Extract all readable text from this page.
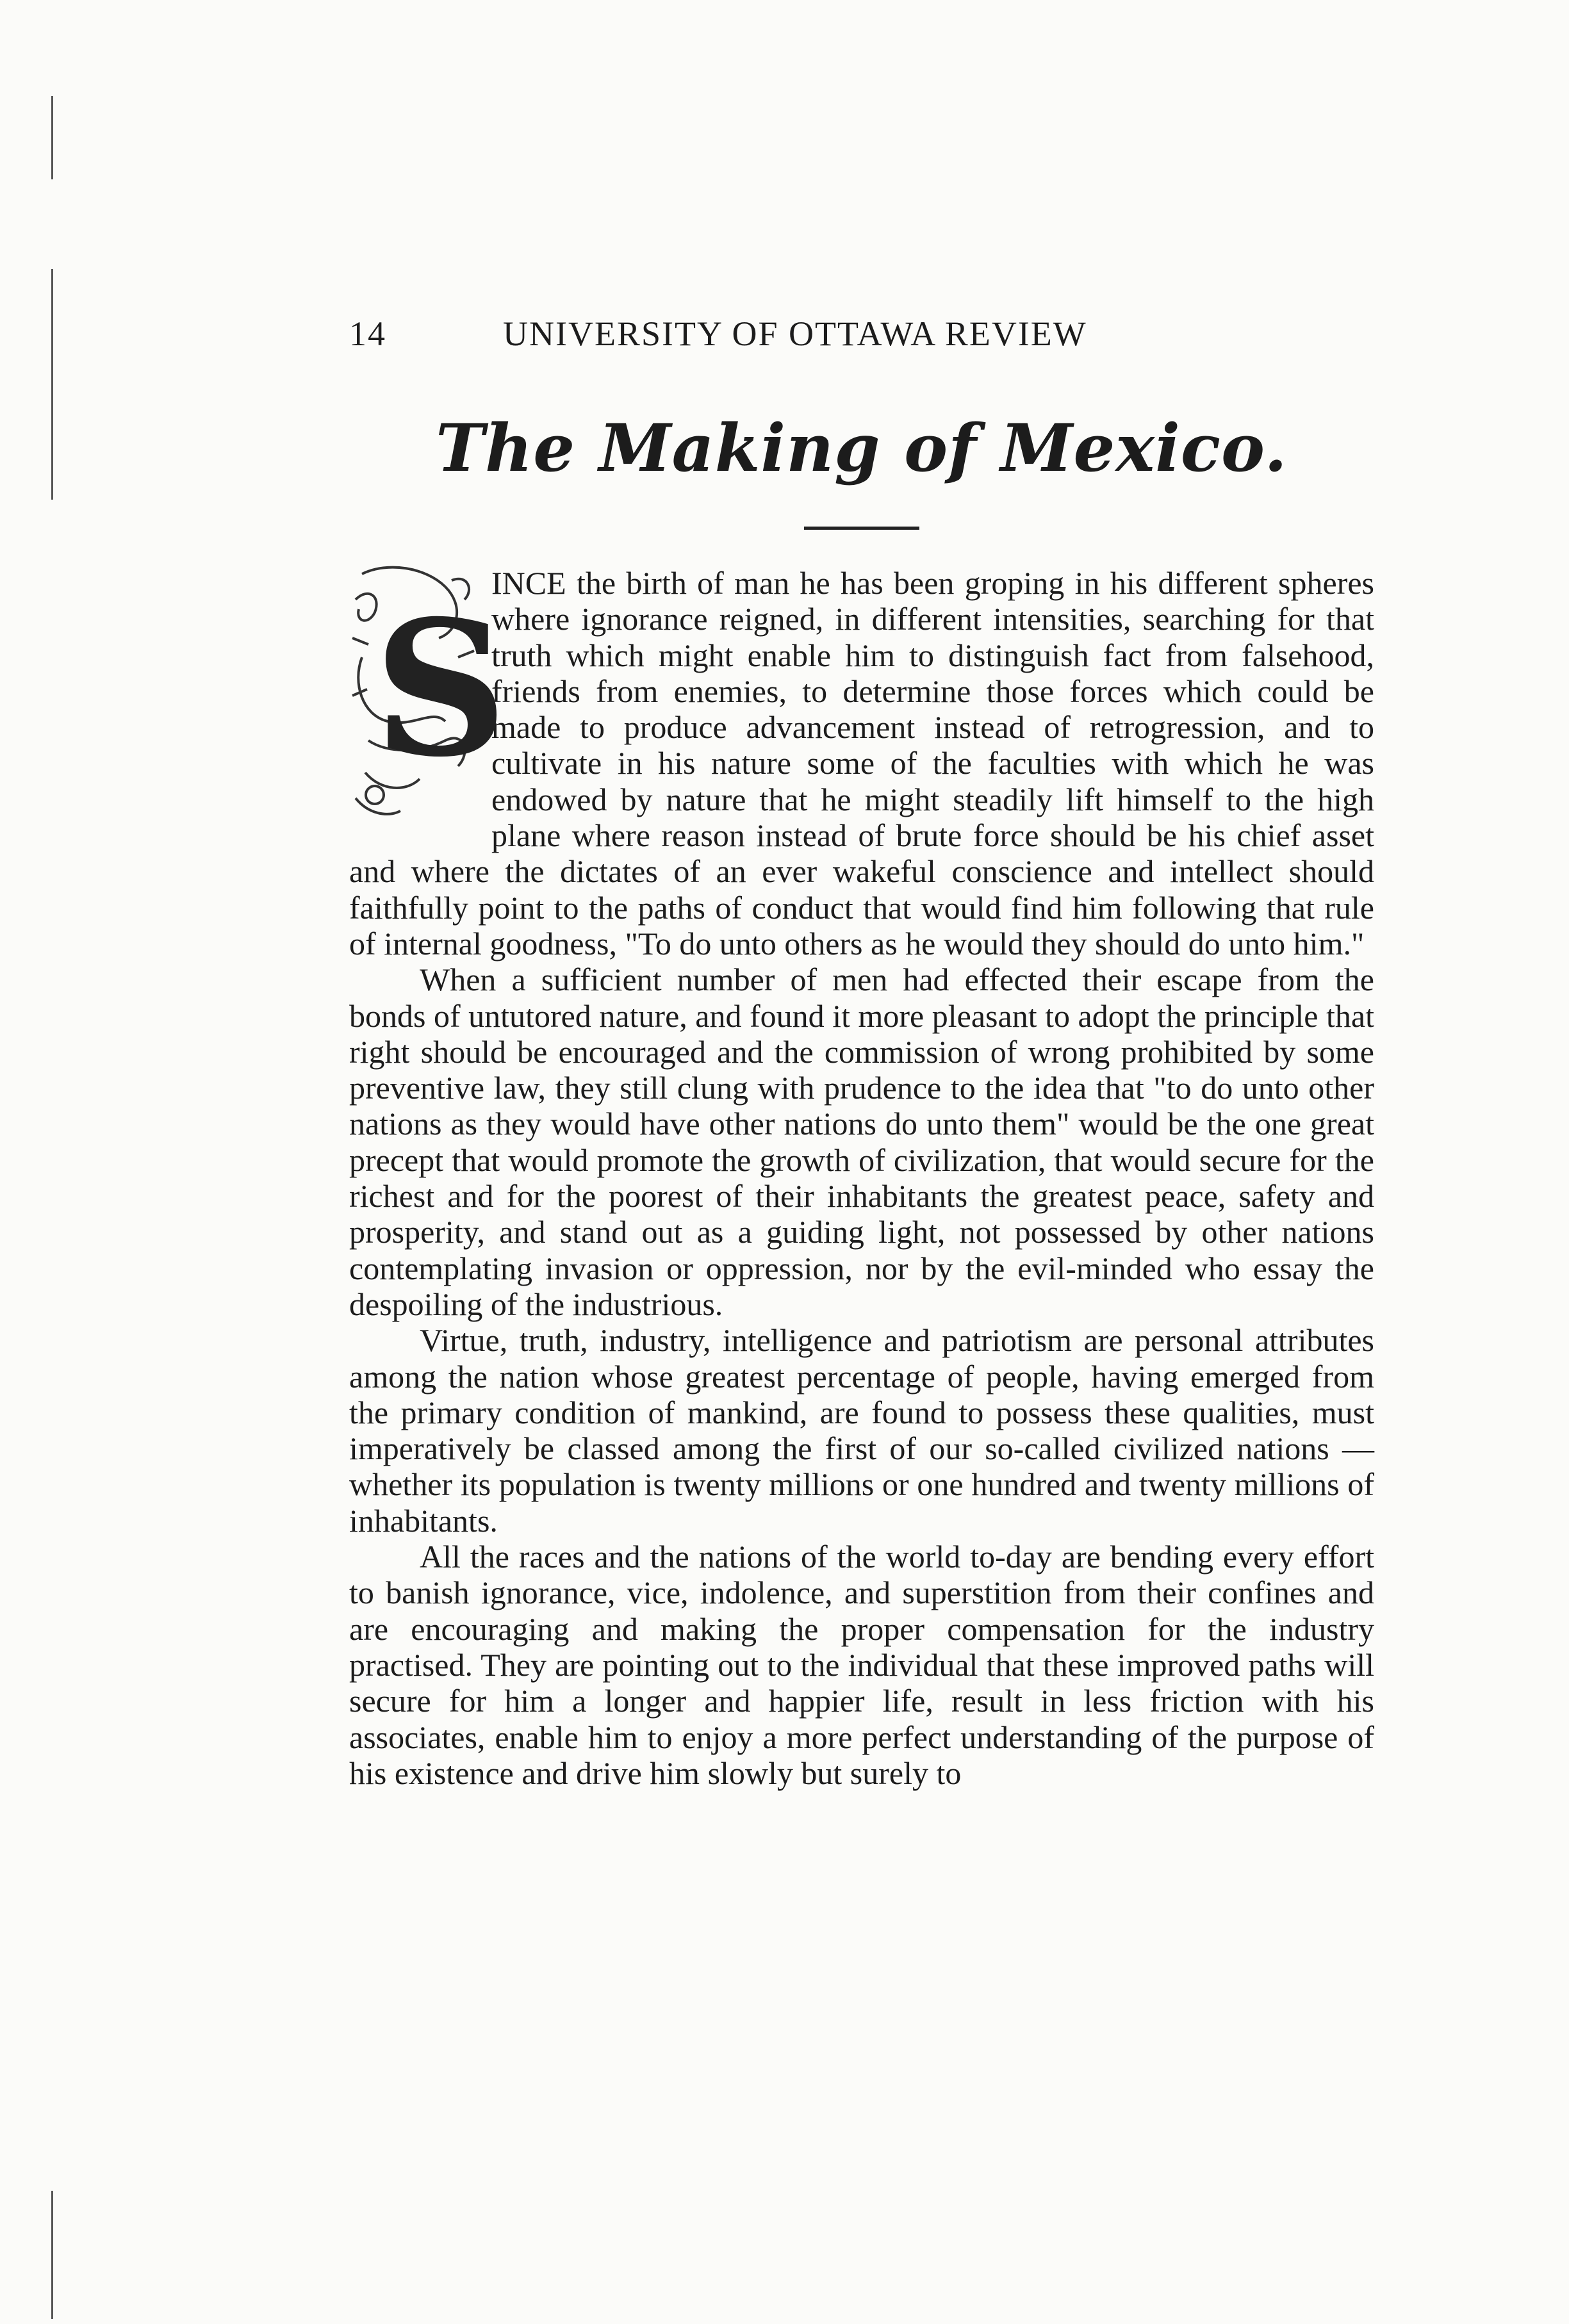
14	UNIVERSITY OF OTTAWA REVIEW
The Making of Mexico.
S

INCE the birth of man he has been groping in his different spheres where ignorance reigned, in different intensities, searching for that truth which might enable him to distinguish fact from falsehood, friends from enemies, to determine those forces which could be made to produce advancement instead of retrogression, and to cultivate in his nature some of the faculties with which he was endowed by nature that he might steadily lift himself to the high plane where reason instead of brute force should be his chief asset and where the dictates of an ever wakeful conscience and intellect should faithfully point to the paths of conduct that would find him following that rule of internal goodness, "To do unto others as he would they should do unto him."

When a sufficient number of men had effected their escape from the bonds of untutored nature, and found it more pleasant to adopt the principle that right should be encouraged and the commission of wrong prohibited by some preventive law, they still clung with prudence to the idea that "to do unto other nations as they would have other nations do unto them" would be the one great precept that would promote the growth of civilization, that would secure for the richest and for the poorest of their inhabitants the greatest peace, safety and prosperity, and stand out as a guiding light, not possessed by other nations contemplating invasion or oppression, nor by the evil-minded who essay the despoiling of the industrious.

Virtue, truth, industry, intelligence and patriotism are personal attributes among the nation whose greatest percentage of people, having emerged from the primary condition of mankind, are found to possess these qualities, must imperatively be classed among the first of our so-called civilized nations — whether its population is twenty millions or one hundred and twenty millions of inhabitants.

All the races and the nations of the world to-day are bending every effort to banish ignorance, vice, indolence, and superstition from their confines and are encouraging and making the proper compensation for the industry practised. They are pointing out to the individual that these improved paths will secure for him a longer and happier life, result in less friction with his associates, enable him to enjoy a more perfect understanding of the purpose of his existence and drive him slowly but surely to
